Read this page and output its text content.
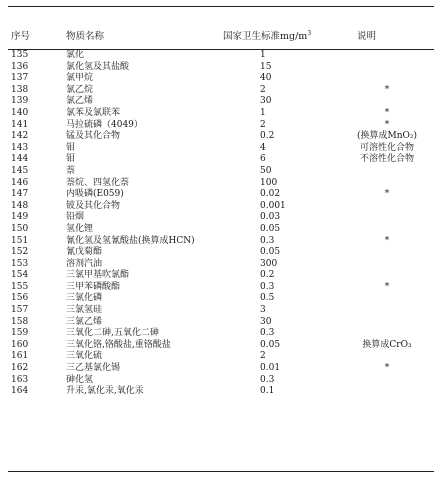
序号	物质名称	国家卫生标准$mg/m^3$	说明
135	氯化	1
136	氯化氢及其盐酸	15
137	氯甲烷	40
138	氯乙烷	2	*
139	氯乙烯	30
140	氯苯及氯联苯	1	*
141	马拉硫磷（4049）	2	*
142	锰及其化合物	0.2	(换算成MnO₂)
143	钼	4	可溶性化合物
144	钼	6	不溶性化合物
145	萘	50
146	萘烷、四氢化萘	100
147	内吸磷(E059)	0.02	*
148	铍及其化合物	0.001
149	铅烟	0.03
150	氢化锂	0.05
151	氰化氢及氢氰酸盐(换算成HCN)	0.3	*
152	氰戊菊酯	0.05
153	溶剂汽油	300
154	三氯甲基吹氯酯	0.2
155	三甲苯磷酸酯	0.3	*
156	三氯化磷	0.5
157	三氯氢硅	3
158	三氯乙烯	30
159	三氧化二砷,五氧化二砷	0.3
160	三氧化铬,铬酸盐,重铬酸盐	0.05	换算成CrO₃
161	三氧化硫	2
162	三乙基氯化锡	0.01	*
163	砷化氢	0.3
164	升汞,氯化汞,氧化汞	0.1
